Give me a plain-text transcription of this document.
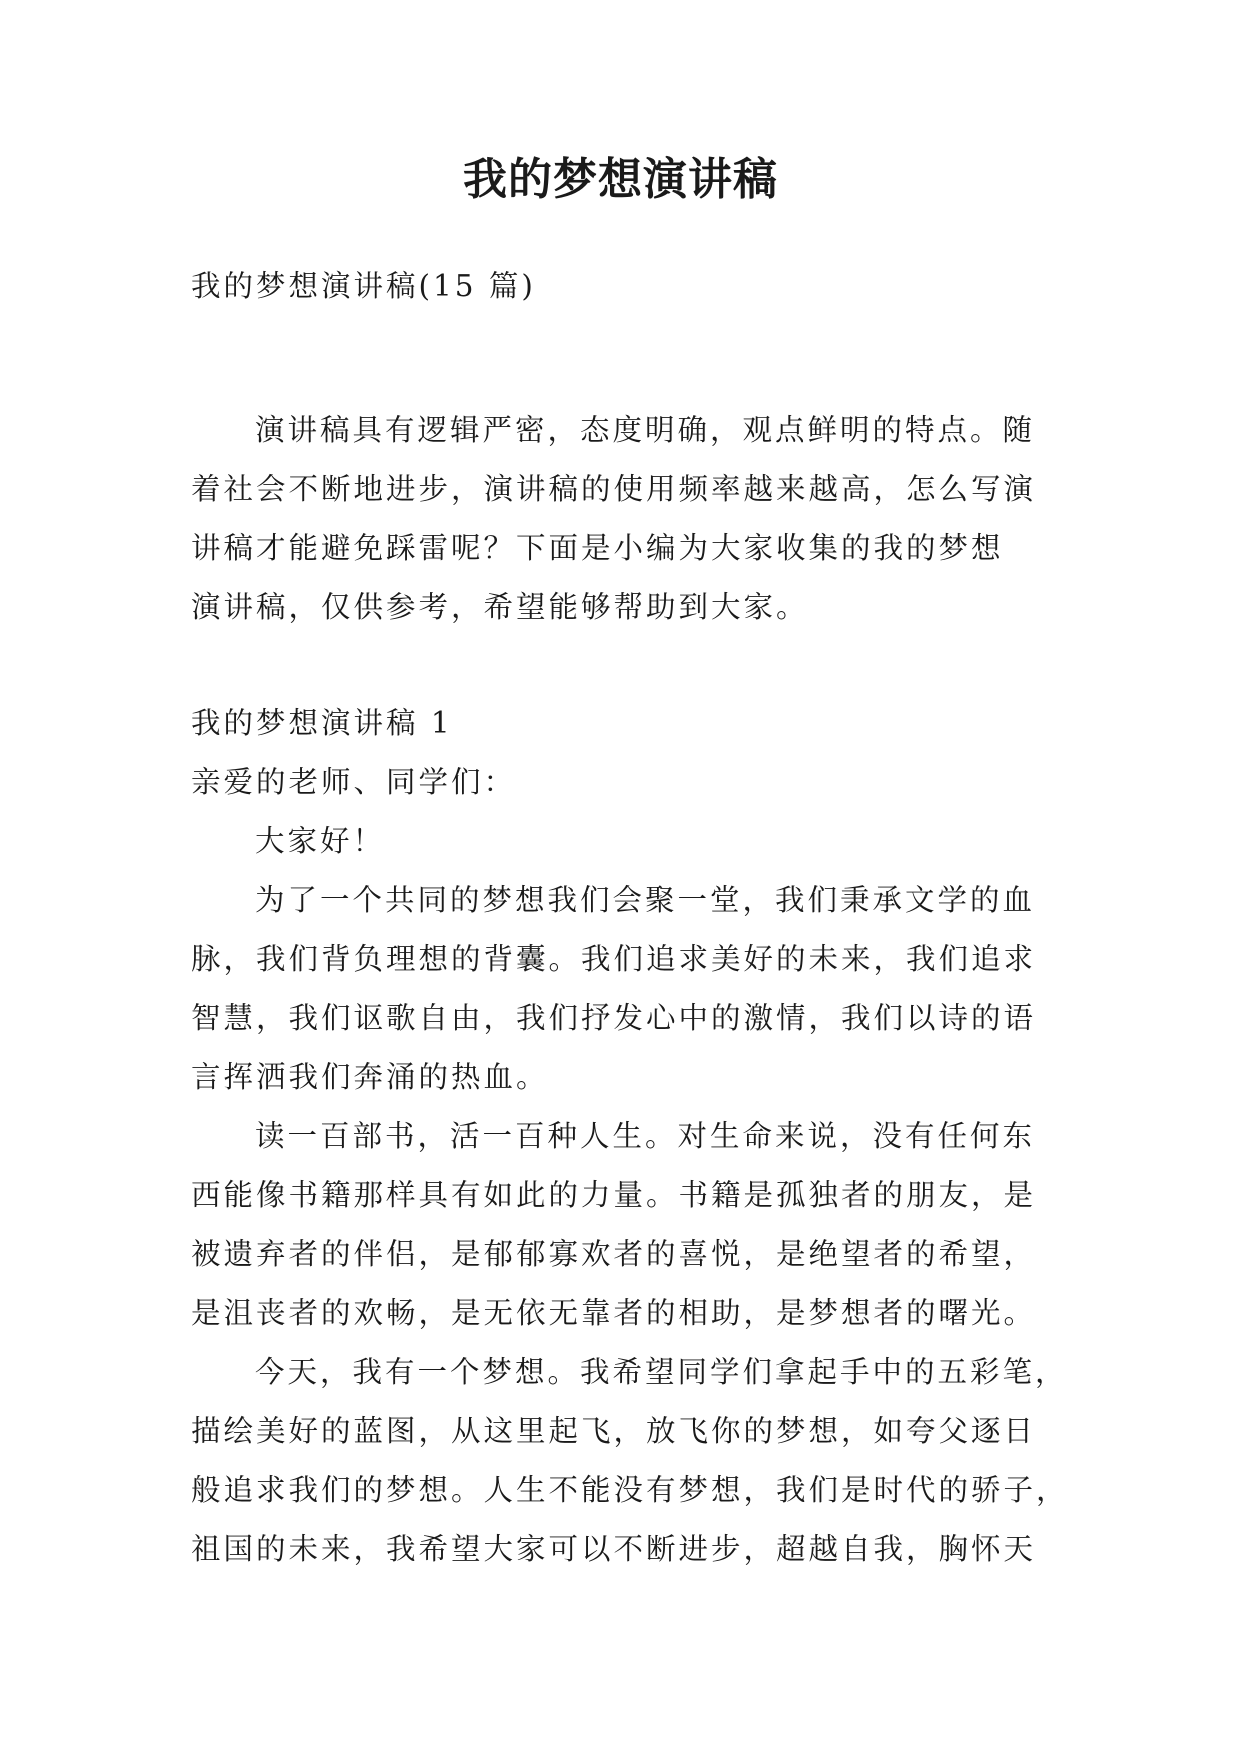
我的梦想演讲稿
我的梦想演讲稿(15 篇)
演讲稿具有逻辑严密，态度明确，观点鲜明的特点。随
着社会不断地进步，演讲稿的使用频率越来越高，怎么写演
讲稿才能避免踩雷呢？下面是小编为大家收集的我的梦想
演讲稿，仅供参考，希望能够帮助到大家。
我的梦想演讲稿 1
亲爱的老师、同学们：
大家好！
为了一个共同的梦想我们会聚一堂，我们秉承文学的血
脉，我们背负理想的背囊。我们追求美好的未来，我们追求
智慧，我们讴歌自由，我们抒发心中的激情，我们以诗的语
言挥洒我们奔涌的热血。
读一百部书，活一百种人生。对生命来说，没有任何东
西能像书籍那样具有如此的力量。书籍是孤独者的朋友，是
被遗弃者的伴侣，是郁郁寡欢者的喜悦，是绝望者的希望，
是沮丧者的欢畅，是无依无靠者的相助，是梦想者的曙光。
今天，我有一个梦想。我希望同学们拿起手中的五彩笔，
描绘美好的蓝图，从这里起飞，放飞你的梦想，如夸父逐日
般追求我们的梦想。人生不能没有梦想，我们是时代的骄子，
祖国的未来，我希望大家可以不断进步，超越自我，胸怀天
